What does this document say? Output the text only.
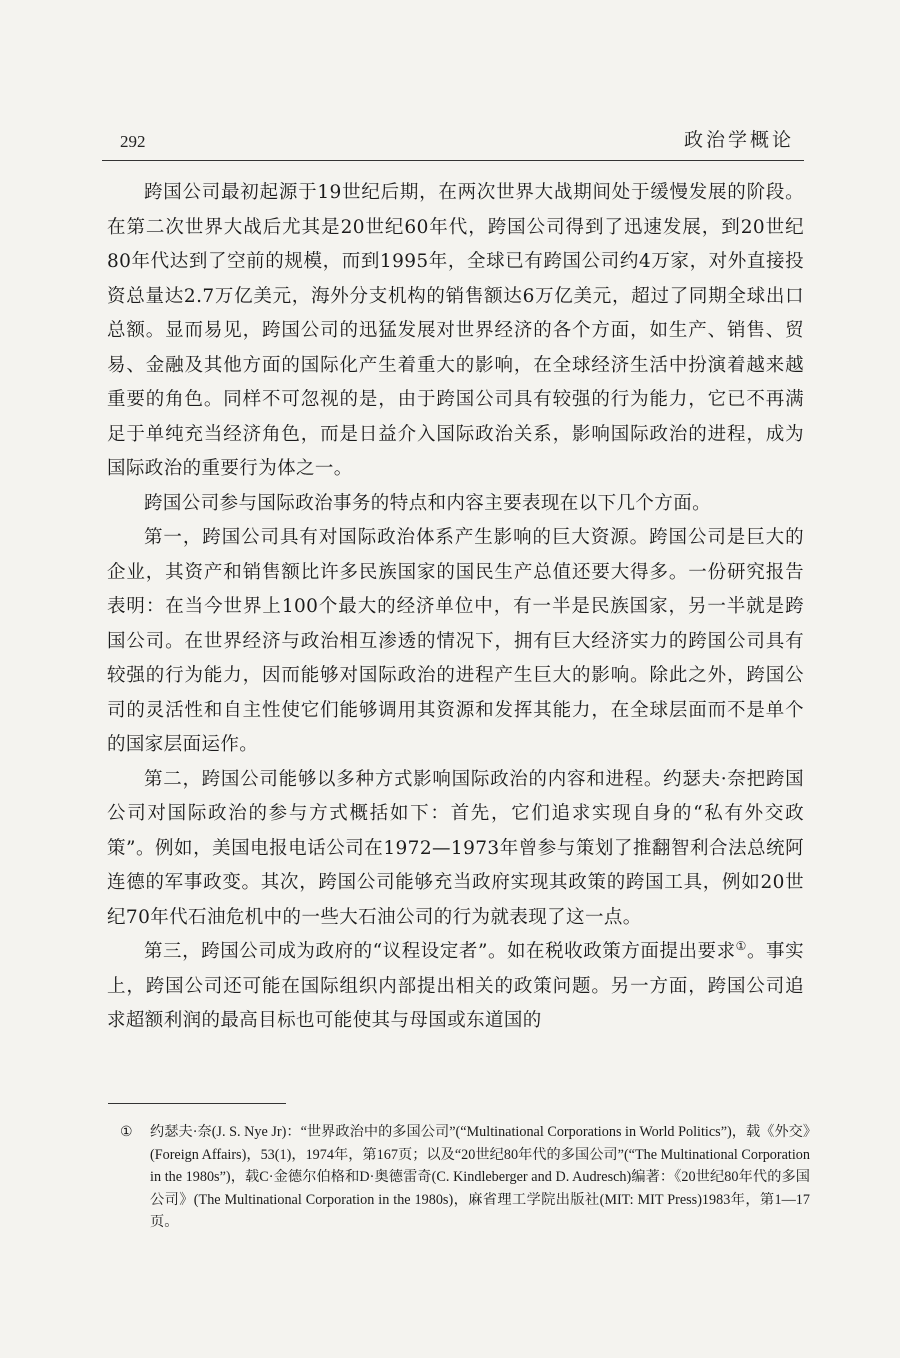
292	政治学概论

跨国公司最初起源于19世纪后期，在两次世界大战期间处于缓慢发展的阶段。在第二次世界大战后尤其是20世纪60年代，跨国公司得到了迅速发展，到20世纪80年代达到了空前的规模，而到1995年，全球已有跨国公司约4万家，对外直接投资总量达2.7万亿美元，海外分支机构的销售额达6万亿美元，超过了同期全球出口总额。显而易见，跨国公司的迅猛发展对世界经济的各个方面，如生产、销售、贸易、金融及其他方面的国际化产生着重大的影响，在全球经济生活中扮演着越来越重要的角色。同样不可忽视的是，由于跨国公司具有较强的行为能力，它已不再满足于单纯充当经济角色，而是日益介入国际政治关系，影响国际政治的进程，成为国际政治的重要行为体之一。

跨国公司参与国际政治事务的特点和内容主要表现在以下几个方面。

第一，跨国公司具有对国际政治体系产生影响的巨大资源。跨国公司是巨大的企业，其资产和销售额比许多民族国家的国民生产总值还要大得多。一份研究报告表明：在当今世界上100个最大的经济单位中，有一半是民族国家，另一半就是跨国公司。在世界经济与政治相互渗透的情况下，拥有巨大经济实力的跨国公司具有较强的行为能力，因而能够对国际政治的进程产生巨大的影响。除此之外，跨国公司的灵活性和自主性使它们能够调用其资源和发挥其能力，在全球层面而不是单个的国家层面运作。

第二，跨国公司能够以多种方式影响国际政治的内容和进程。约瑟夫·奈把跨国公司对国际政治的参与方式概括如下：首先，它们追求实现自身的“私有外交政策”。例如，美国电报电话公司在1972—1973年曾参与策划了推翻智利合法总统阿连德的军事政变。其次，跨国公司能够充当政府实现其政策的跨国工具，例如20世纪70年代石油危机中的一些大石油公司的行为就表现了这一点。

第三，跨国公司成为政府的“议程设定者”。如在税收政策方面提出要求①。事实上，跨国公司还可能在国际组织内部提出相关的政策问题。另一方面，跨国公司追求超额利润的最高目标也可能使其与母国或东道国的

① 约瑟夫·奈(J. S. Nye Jr)：“世界政治中的多国公司”(“Multinational Corporations in World Politics”)，载《外交》(Foreign Affairs)，53(1)，1974年，第167页；以及“20世纪80年代的多国公司”(“The Multinational Corporation in the 1980s”)，载C·金德尔伯格和D·奥德雷奇(C. Kindleberger and D. Audresch)编著：《20世纪80年代的多国公司》(The Multinational Corporation in the 1980s)，麻省理工学院出版社(MIT: MIT Press)1983年，第1—17页。
